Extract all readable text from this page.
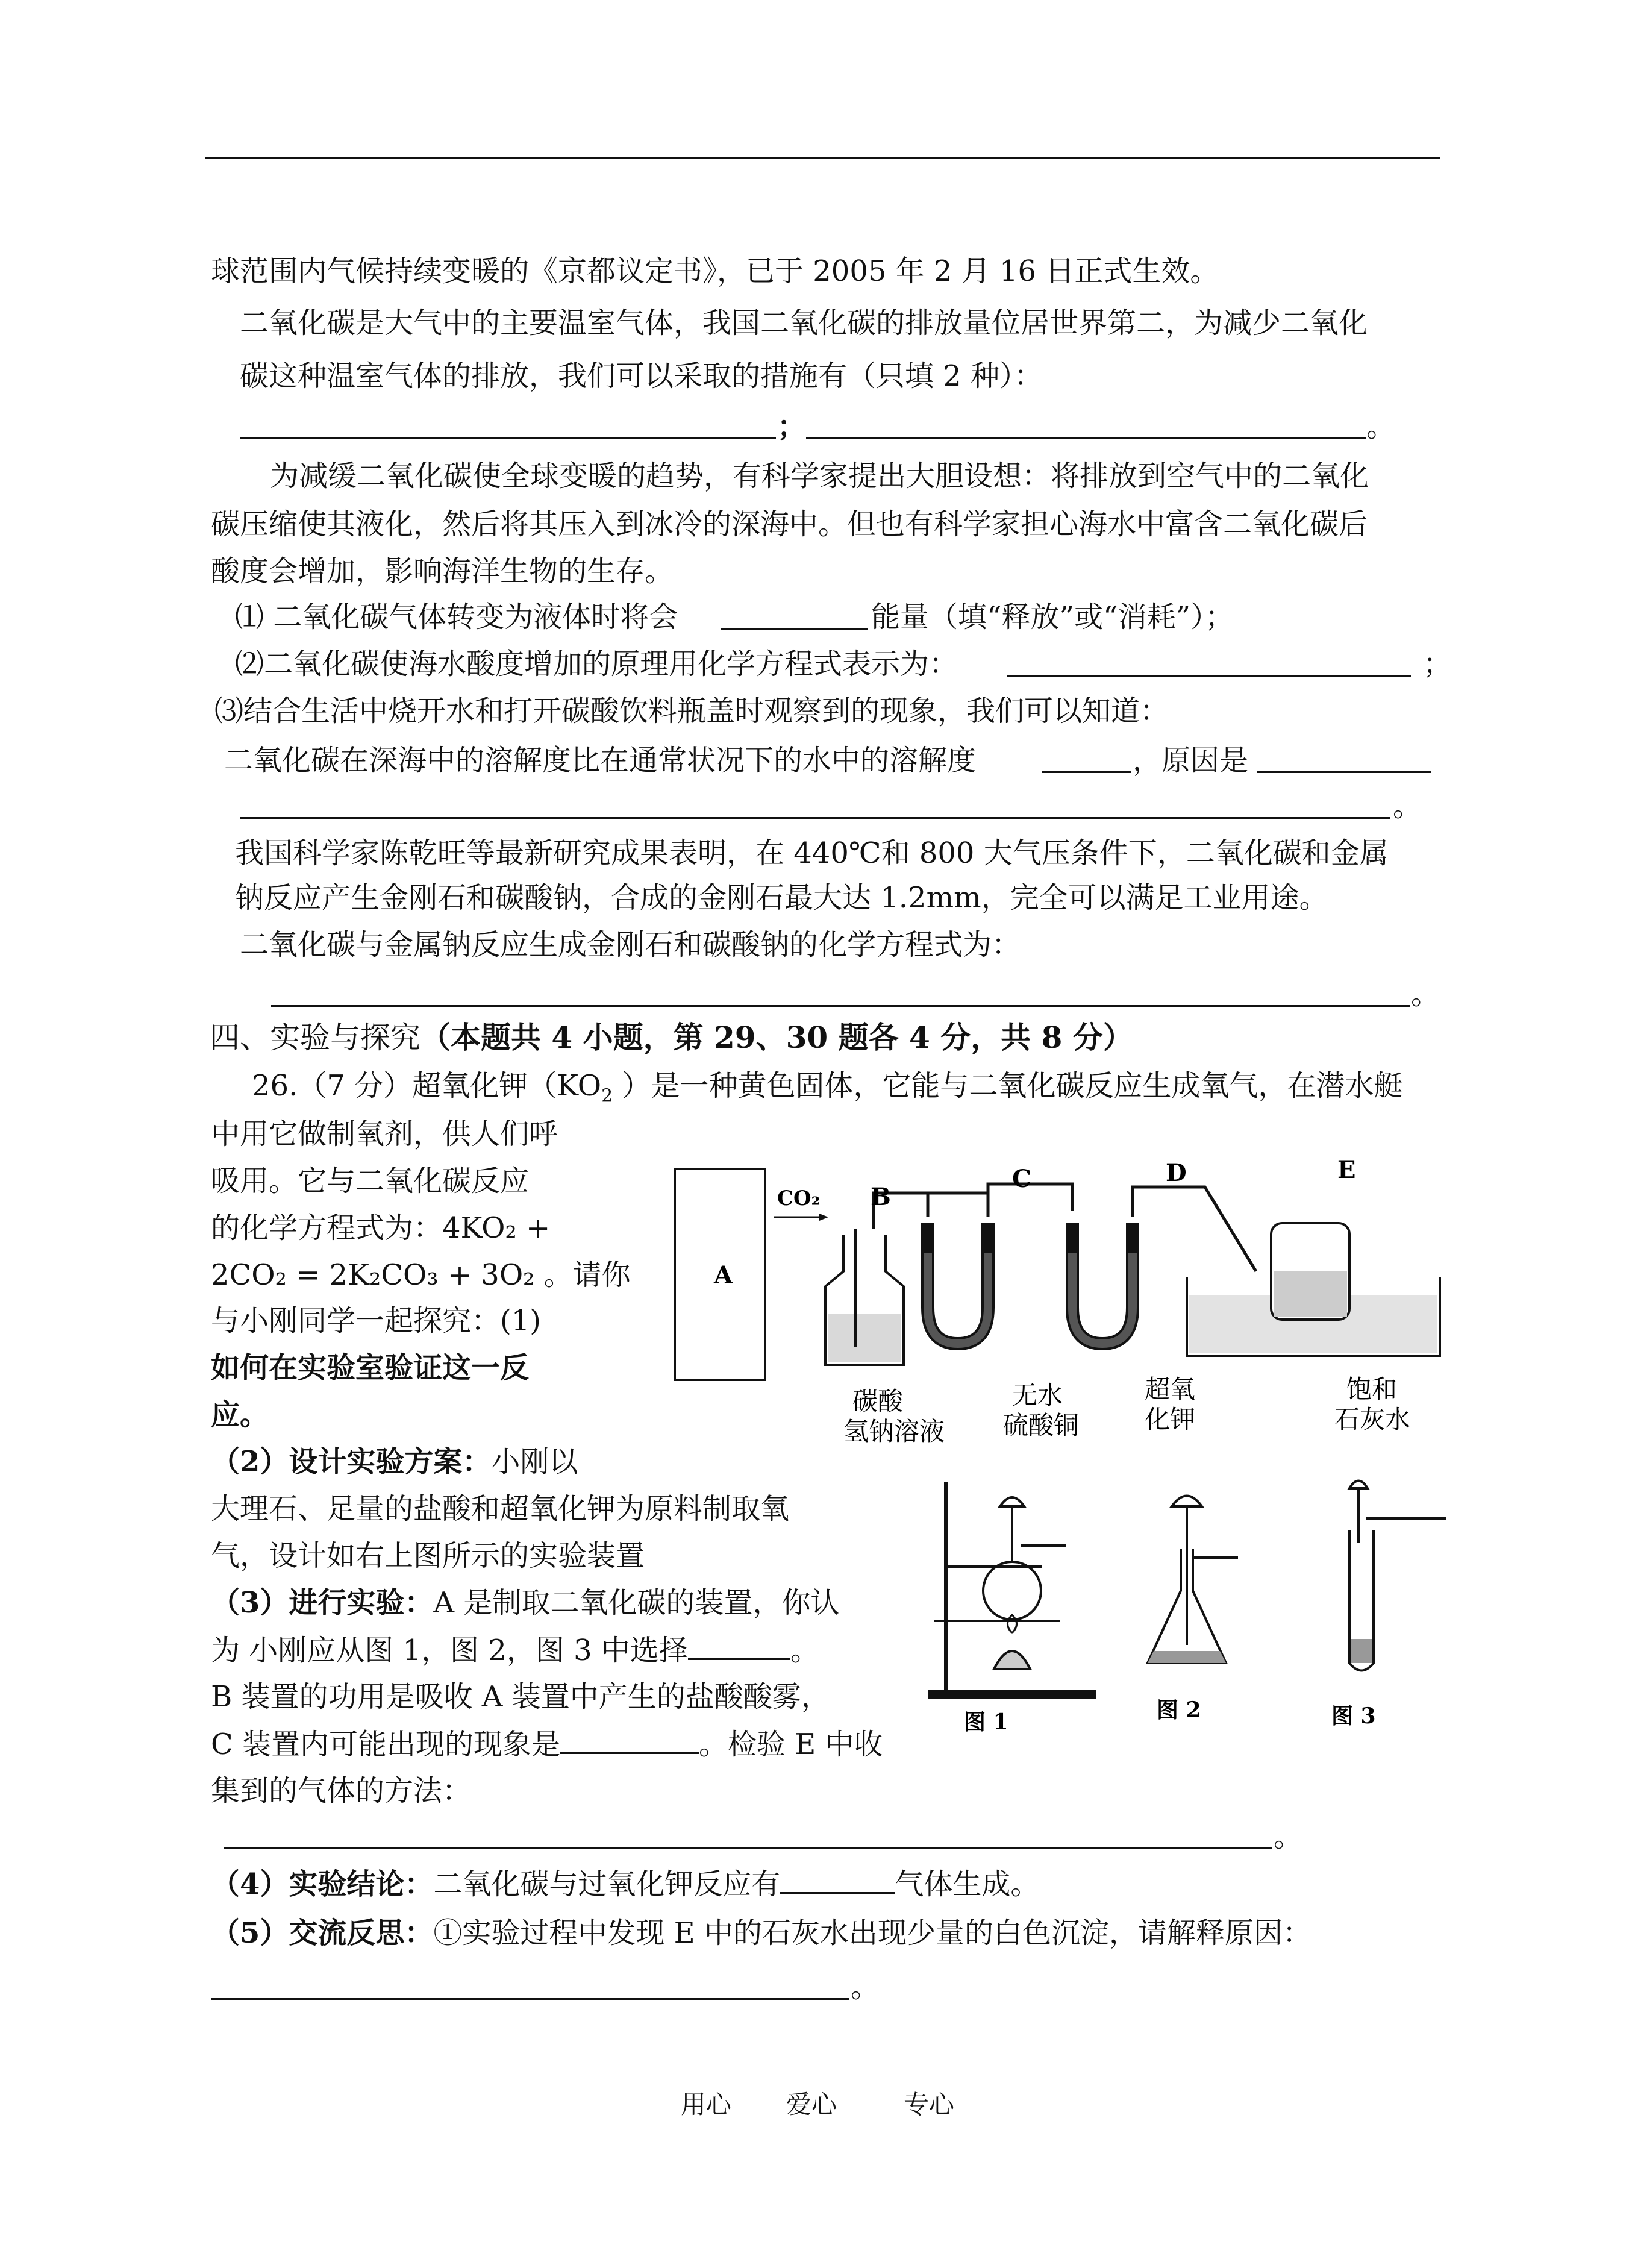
球范围内气候持续变暖的《京都议定书》，已于 2005 年 2 月 16 日正式生效。
二氧化碳是大气中的主要温室气体，我国二氧化碳的排放量位居世界第二，为减少二氧化
碳这种温室气体的排放，我们可以采取的措施有（只填 2 种）：
；	。
为减缓二氧化碳使全球变暖的趋势，有科学家提出大胆设想：将排放到空气中的二氧化
碳压缩使其液化，然后将其压入到冰冷的深海中。但也有科学家担心海水中富含二氧化碳后
酸度会增加，影响海洋生物的生存。
⑴ 二氧化碳气体转变为液体时将会	能量（填“释放”或“消耗”）；
⑵二氧化碳使海水酸度增加的原理用化学方程式表示为：	；
⑶结合生活中烧开水和打开碳酸饮料瓶盖时观察到的现象，我们可以知道：
二氧化碳在深海中的溶解度比在通常状况下的水中的溶解度	，原因是
。
我国科学家陈乾旺等最新研究成果表明，在 440℃和 800 大气压条件下，二氧化碳和金属
钠反应产生金刚石和碳酸钠，合成的金刚石最大达 1.2mm，完全可以满足工业用途。
二氧化碳与金属钠反应生成金刚石和碳酸钠的化学方程式为：
。
四、实验与探究（本题共 4 小题，第 29、30 题各 4 分，共 8 分）
26.（7 分）超氧化钾（$KO_2$ ）是一种黄色固体，它能与二氧化碳反应生成氧气，在潜水艇
中用它做制氧剂，供人们呼
吸用。它与二氧化碳反应
的化学方程式为：4KO₂ +
2CO₂ = 2K₂CO₃ + 3O₂ 。请你
与小刚同学一起探究：(1)
如何在实验室验证这一反
应。
（2）设计实验方案：小刚以
大理石、足量的盐酸和超氧化钾为原料制取氧
气，设计如右上图所示的实验装置
（3）进行实验：A 是制取二氧化碳的装置，你认
为 小刚应从图 1，图 2，图 3 中选择	。
B 装置的功用是吸收 A 装置中产生的盐酸酸雾，
C 装置内可能出现的现象是	。检验 E 中收
集到的气体的方法：
。
（4）实验结论：二氧化碳与过氧化钾反应有	气体生成。
（5）交流反思：①实验过程中发现 E 中的石灰水出现少量的白色沉淀，请解释原因：
。
A
CO₂ B
C	D	E
碳酸
氢钠溶液
无水
硫酸铜
超氧
化钾
饱和
石灰水
图 1	图 2	图 3
用心 爱心	专心
